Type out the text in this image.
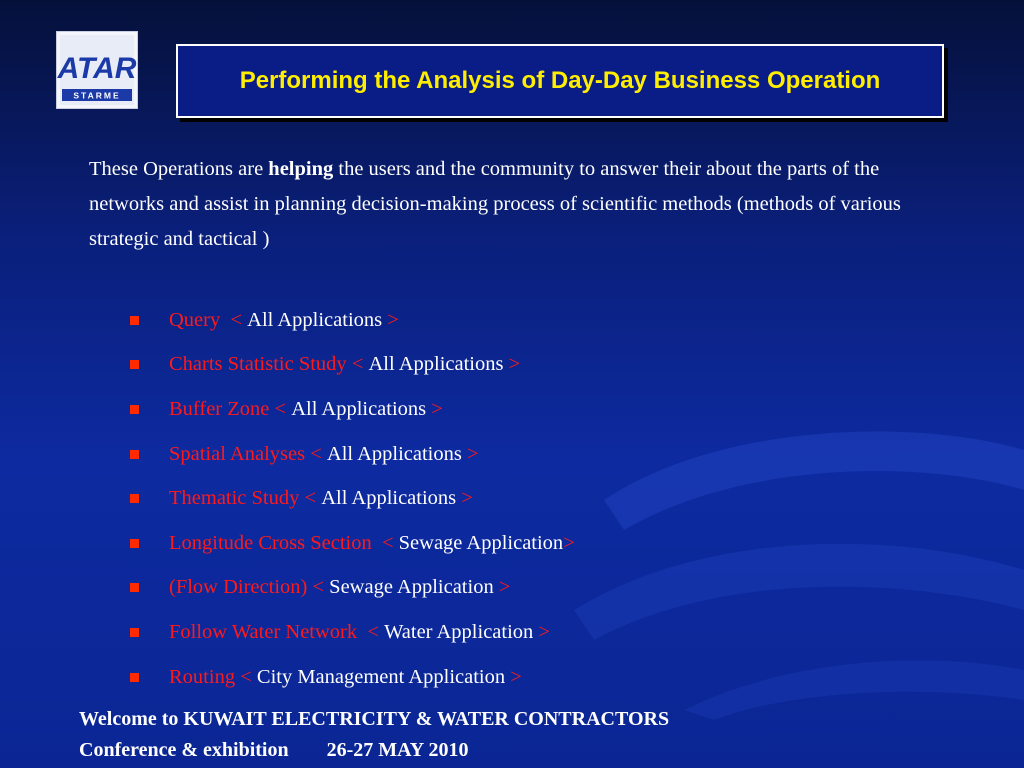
ATAR
STARME
Performing the Analysis of Day-Day Business Operation
These Operations are helping the users and the community to answer their about the parts of the networks and assist in planning decision-making process of scientific methods (methods of various strategic and tactical )
Query
<
All Applications
>
Charts Statistic Study
<
All Applications
>
Buffer Zone
<
All Applications
>
Spatial Analyses
<
All Applications
>
Thematic Study
<
All Applications
>
Longitude Cross Section
<
Sewage Application >
(Flow Direction)
<
Sewage Application
>
Follow Water Network
<
Water Application
>
Routing
<
City Management Application
>
Welcome to KUWAIT ELECTRICITY & WATER CONTRACTORS
Conference & exhibition 26-27 MAY 2010
